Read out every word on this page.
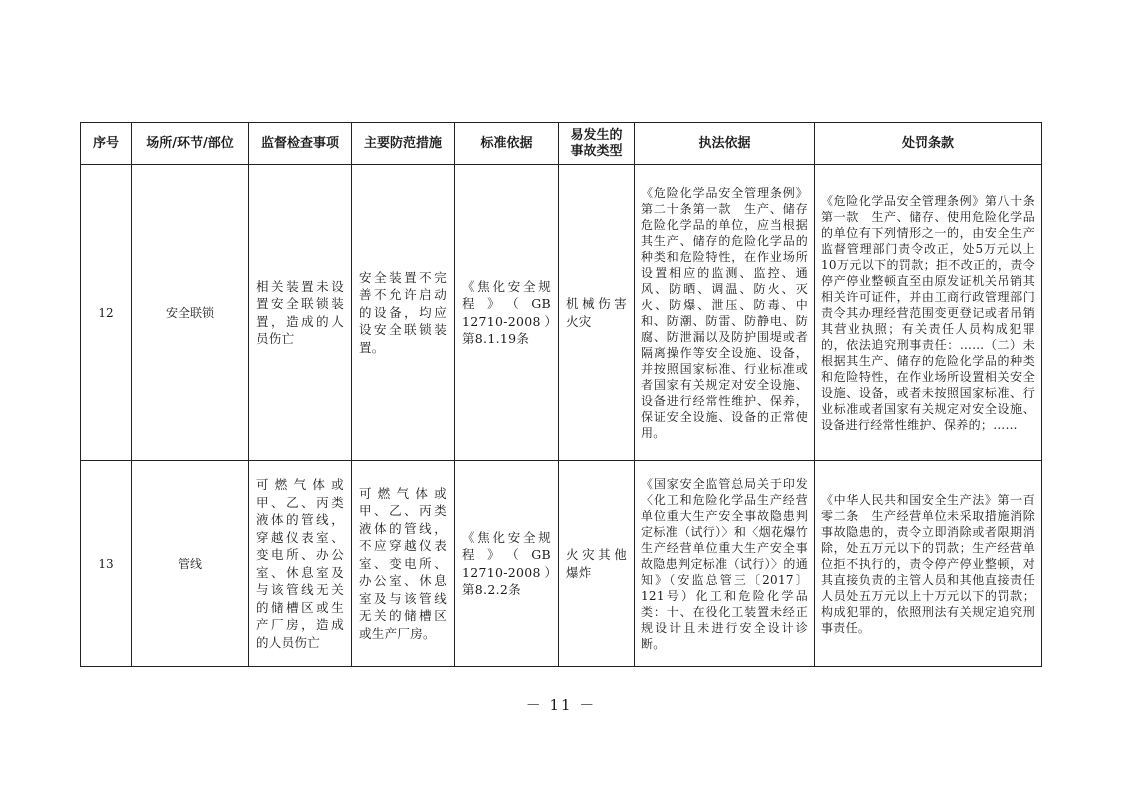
序号	场所/环节/部位	监督检查事项	主要防范措施	标准依据	易发生的事故类型	执法依据	处罚条款
12	安全联锁	相关装置未设置安全联锁装置，造成的人员伤亡	安全装置不完善不允许启动的设备，均应设安全联锁装置。	《焦化安全规程》（GB 12710-2008）第8.1.19条	机械伤害火灾	《危险化学品安全管理条例》第二十条第一款　生产、储存危险化学品的单位，应当根据其生产、储存的危险化学品的种类和危险特性，在作业场所设置相应的监测、监控、通风、防晒、调温、防火、灭火、防爆、泄压、防毒、中和、防潮、防雷、防静电、防腐、防泄漏以及防护围堤或者隔离操作等安全设施、设备，并按照国家标准、行业标准或者国家有关规定对安全设施、设备进行经常性维护、保养，保证安全设施、设备的正常使用。	《危险化学品安全管理条例》第八十条第一款　生产、储存、使用危险化学品的单位有下列情形之一的，由安全生产监督管理部门责令改正，处5万元以上10万元以下的罚款；拒不改正的，责令停产停业整顿直至由原发证机关吊销其相关许可证件，并由工商行政管理部门责令其办理经营范围变更登记或者吊销其营业执照；有关责任人员构成犯罪的，依法追究刑事责任：……（二）未根据其生产、储存的危险化学品的种类和危险特性，在作业场所设置相关安全设施、设备，或者未按照国家标准、行业标准或者国家有关规定对安全设施、设备进行经常性维护、保养的；……

13	管线	可燃气体或甲、乙、丙类液体的管线，穿越仪表室、变电所、办公室、休息室及与该管线无关的储槽区或生产厂房，造成的人员伤亡	可燃气体或甲、乙、丙类液体的管线，不应穿越仪表室、变电所、办公室、休息室及与该管线无关的储槽区或生产厂房。	《焦化安全规程》（GB 12710-2008）第8.2.2条	火灾其他爆炸	《国家安全监管总局关于印发〈化工和危险化学品生产经营单位重大生产安全事故隐患判定标准（试行）〉和〈烟花爆竹生产经营单位重大生产安全事故隐患判定标准（试行）〉的通知》（安监总管三〔2017〕121号）化工和危险化学品类：十、在役化工装置未经正规设计且未进行安全设计诊断。	《中华人民共和国安全生产法》第一百零二条　生产经营单位未采取措施消除事故隐患的，责令立即消除或者限期消除，处五万元以下的罚款；生产经营单位拒不执行的，责令停产停业整顿，对其直接负责的主管人员和其他直接责任人员处五万元以上十万元以下的罚款；构成犯罪的，依照刑法有关规定追究刑事责任。
－ 11 －
